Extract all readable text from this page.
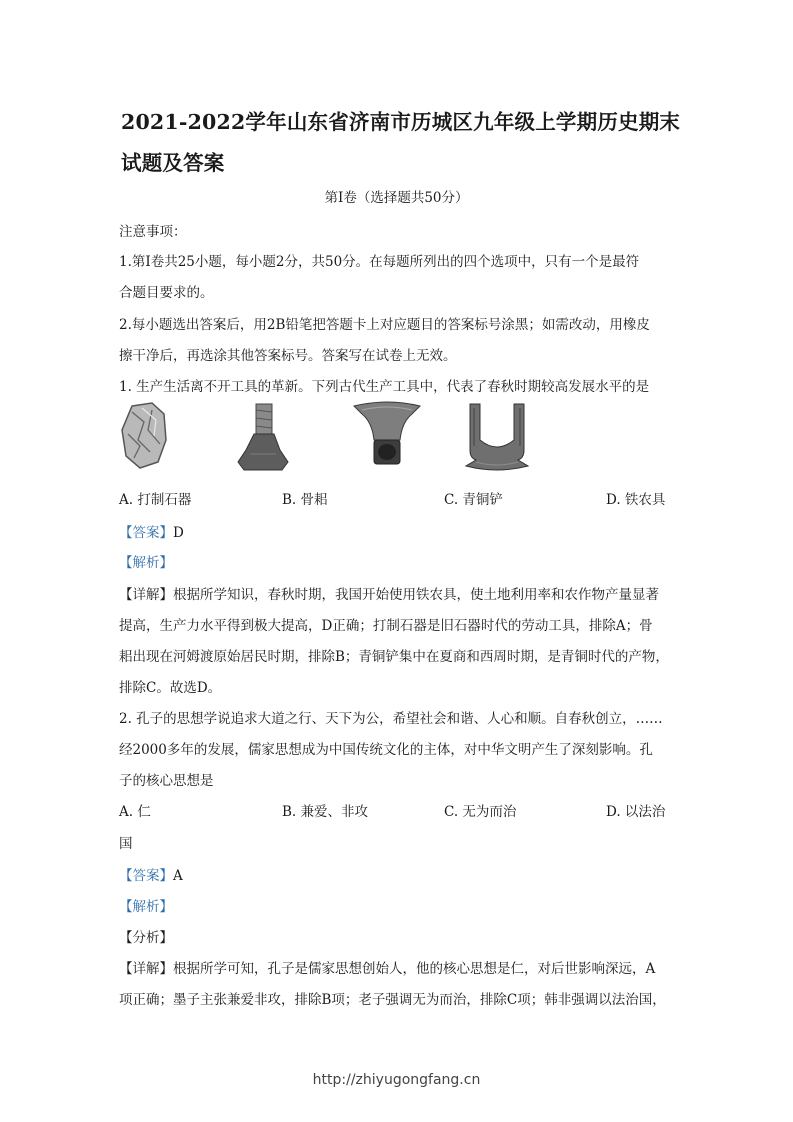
2021-2022学年山东省济南市历城区九年级上学期历史期末
试题及答案
第Ⅰ卷（选择题共50分）
注意事项：
1.第Ⅰ卷共25小题，每小题2分，共50分。在每题所列出的四个选项中，只有一个是最符
合题目要求的。
2.每小题选出答案后，用2B铅笔把答题卡上对应题目的答案标号涂黑；如需改动，用橡皮
擦干净后，再选涂其他答案标号。答案写在试卷上无效。
1. 生产生活离不开工具的革新。下列古代生产工具中，代表了春秋时期较高发展水平的是
A. 打制石器	B. 骨耜	C. 青铜铲	D. 铁农具
【答案】D
【解析】
【详解】根据所学知识，春秋时期，我国开始使用铁农具，使土地利用率和农作物产量显著
提高，生产力水平得到极大提高，D正确；打制石器是旧石器时代的劳动工具，排除A；骨
耜出现在河姆渡原始居民时期，排除B；青铜铲集中在夏商和西周时期，是青铜时代的产物，
排除C。故选D。
2. 孔子的思想学说追求大道之行、天下为公，希望社会和谐、人心和顺。自春秋创立，……
经2000多年的发展，儒家思想成为中国传统文化的主体，对中华文明产生了深刻影响。孔
子的核心思想是
A. 仁	B. 兼爱、非攻	C. 无为而治	D. 以法治
国
【答案】A
【解析】
【分析】
【详解】根据所学可知，孔子是儒家思想创始人，他的核心思想是仁，对后世影响深远，A
项正确；墨子主张兼爱非攻，排除B项；老子强调无为而治，排除C项；韩非强调以法治国，
http://zhiyugongfang.cn
